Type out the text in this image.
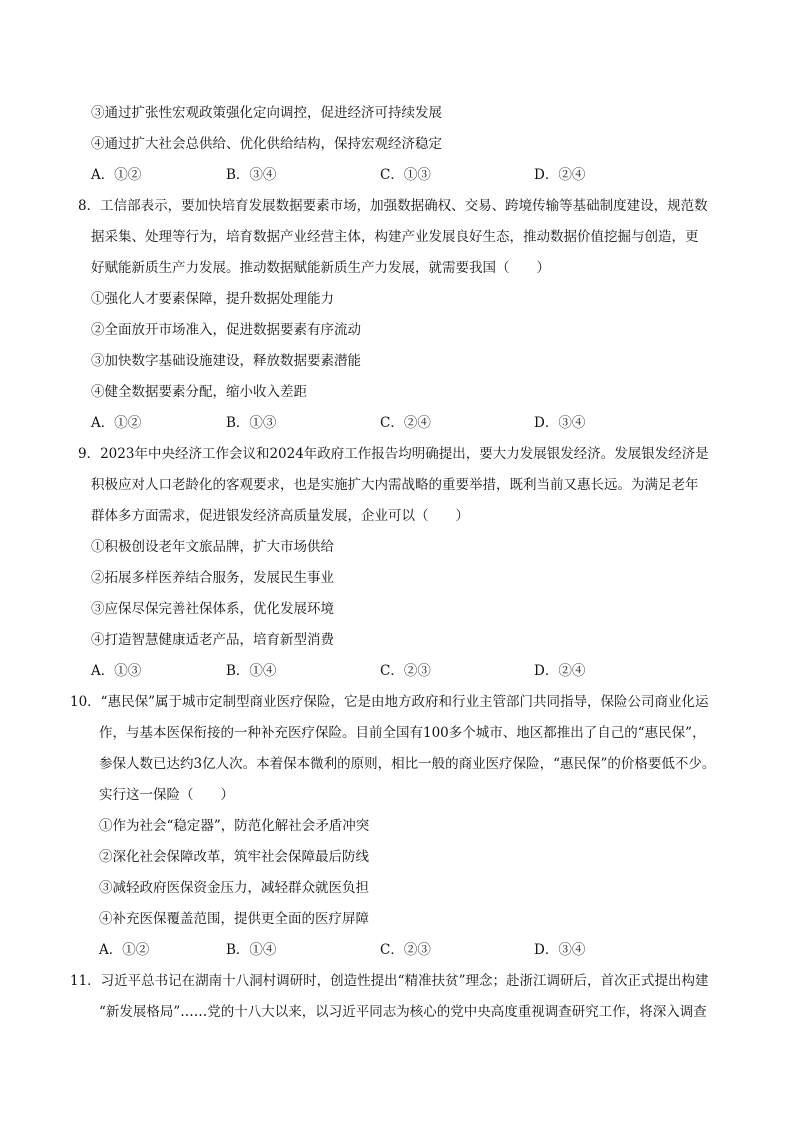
③通过扩张性宏观政策强化定向调控，促进经济可持续发展
④通过扩大社会总供给、优化供给结构，保持宏观经济稳定
A．①②	B．③④	C．①③	D．②④
8．工信部表示，要加快培育发展数据要素市场，加强数据确权、交易、跨境传输等基础制度建设，规范数
据采集、处理等行为，培育数据产业经营主体，构建产业发展良好生态，推动数据价值挖掘与创造，更
好赋能新质生产力发展。推动数据赋能新质生产力发展，就需要我国（　　）
①强化人才要素保障，提升数据处理能力
②全面放开市场准入，促进数据要素有序流动
③加快数字基础设施建设，释放数据要素潜能
④健全数据要素分配，缩小收入差距
A．①②	B．①③	C．②④	D．③④
9．2023年中央经济工作会议和2024年政府工作报告均明确提出，要大力发展银发经济。发展银发经济是
积极应对人口老龄化的客观要求，也是实施扩大内需战略的重要举措，既利当前又惠长远。为满足老年
群体多方面需求，促进银发经济高质量发展，企业可以（　　）
①积极创设老年文旅品牌，扩大市场供给
②拓展多样医养结合服务，发展民生事业
③应保尽保完善社保体系，优化发展环境
④打造智慧健康适老产品，培育新型消费
A．①③	B．①④	C．②③	D．②④
10．“惠民保”属于城市定制型商业医疗保险，它是由地方政府和行业主管部门共同指导，保险公司商业化运
作，与基本医保衔接的一种补充医疗保险。目前全国有100多个城市、地区都推出了自己的“惠民保”，
参保人数已达约3亿人次。本着保本微利的原则，相比一般的商业医疗保险，“惠民保”的价格要低不少。
实行这一保险（　　）
①作为社会“稳定器”，防范化解社会矛盾冲突
②深化社会保障改革，筑牢社会保障最后防线
③减轻政府医保资金压力，减轻群众就医负担
④补充医保覆盖范围，提供更全面的医疗屏障
A．①②	B．①④	C．②③	D．③④
11．习近平总书记在湖南十八洞村调研时，创造性提出“精准扶贫”理念；赴浙江调研后，首次正式提出构建
“新发展格局”……党的十八大以来，以习近平同志为核心的党中央高度重视调查研究工作，将深入调查
